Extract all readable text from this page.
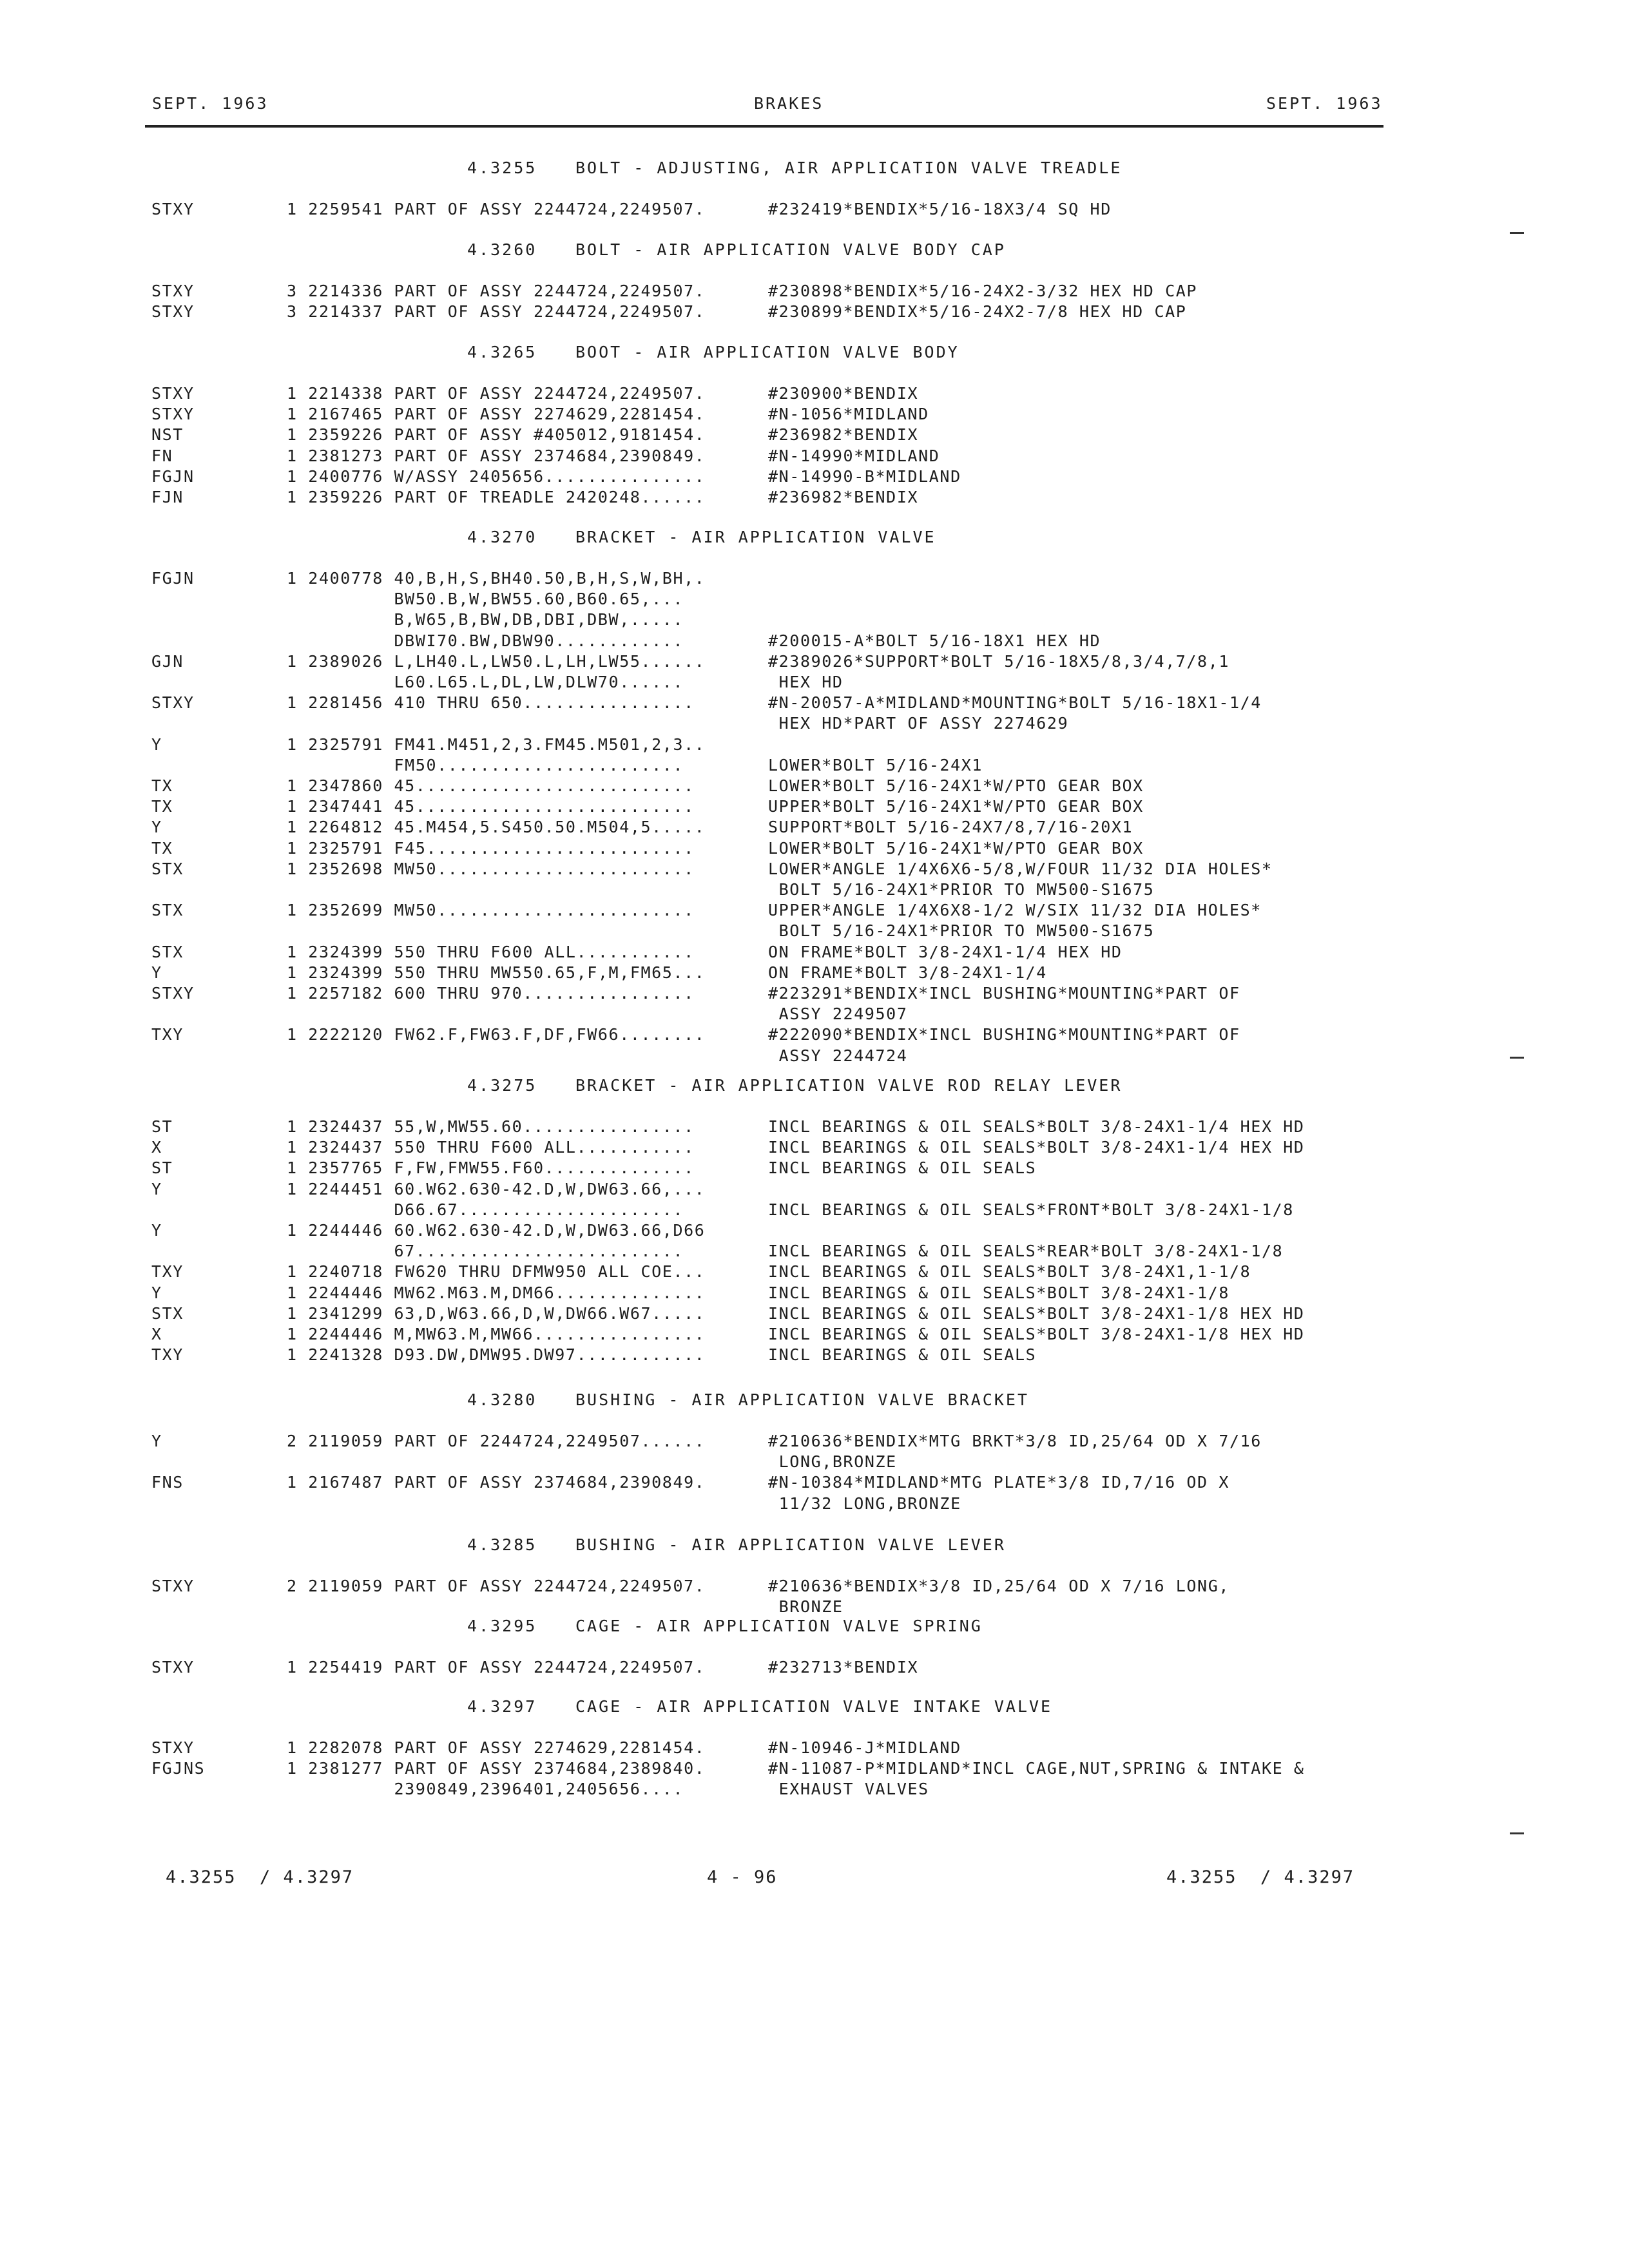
SEPT. 1963	BRAKES	SEPT. 1963
4.3255 BOLT - ADJUSTING, AIR APPLICATION VALVE TREADLE
STXY	1 2259541 PART OF ASSY 2244724,2249507.	#232419*BENDIX*5/16-18X3/4 SQ HD
4.3260 BOLT - AIR APPLICATION VALVE BODY CAP
STXY	3 2214336 PART OF ASSY 2244724,2249507.	#230898*BENDIX*5/16-24X2-3/32 HEX HD CAP
STXY	3 2214337 PART OF ASSY 2244724,2249507.	#230899*BENDIX*5/16-24X2-7/8 HEX HD CAP
4.3265 BOOT - AIR APPLICATION VALVE BODY
STXY	1 2214338 PART OF ASSY 2244724,2249507.	#230900*BENDIX
STXY	1 2167465 PART OF ASSY 2274629,2281454.	#N-1056*MIDLAND
NST	1 2359226 PART OF ASSY #405012,9181454.	#236982*BENDIX
FN	1 2381273 PART OF ASSY 2374684,2390849.	#N-14990*MIDLAND
FGJN	1 2400776 W/ASSY 2405656...............	#N-14990-B*MIDLAND
FJN	1 2359226 PART OF TREADLE 2420248......	#236982*BENDIX
4.3270 BRACKET - AIR APPLICATION VALVE
FGJN	1 2400778 40,B,H,S,BH40.50,B,H,S,W,BH,.
BW50.B,W,BW55.60,B60.65,...
B,W65,B,BW,DB,DBI,DBW,.....
DBWI70.BW,DBW90............	#200015-A*BOLT 5/16-18X1 HEX HD
GJN	1 2389026 L,LH40.L,LW50.L,LH,LW55......	#2389026*SUPPORT*BOLT 5/16-18X5/8,3/4,7/8,1
L60.L65.L,DL,LW,DLW70......	HEX HD
STXY	1 2281456 410 THRU 650................	#N-20057-A*MIDLAND*MOUNTING*BOLT 5/16-18X1-1/4
HEX HD*PART OF ASSY 2274629
Y	1 2325791 FM41.M451,2,3.FM45.M501,2,3..
FM50.......................	LOWER*BOLT 5/16-24X1
TX	1 2347860 45..........................	LOWER*BOLT 5/16-24X1*W/PTO GEAR BOX
TX	1 2347441 45..........................	UPPER*BOLT 5/16-24X1*W/PTO GEAR BOX
Y	1 2264812 45.M454,5.S450.50.M504,5.....	SUPPORT*BOLT 5/16-24X7/8,7/16-20X1
TX	1 2325791 F45.........................	LOWER*BOLT 5/16-24X1*W/PTO GEAR BOX
STX	1 2352698 MW50........................	LOWER*ANGLE 1/4X6X6-5/8,W/FOUR 11/32 DIA HOLES*
BOLT 5/16-24X1*PRIOR TO MW500-S1675
STX	1 2352699 MW50........................	UPPER*ANGLE 1/4X6X8-1/2 W/SIX 11/32 DIA HOLES*
BOLT 5/16-24X1*PRIOR TO MW500-S1675
STX	1 2324399 550 THRU F600 ALL...........	ON FRAME*BOLT 3/8-24X1-1/4 HEX HD
Y	1 2324399 550 THRU MW550.65,F,M,FM65...	ON FRAME*BOLT 3/8-24X1-1/4
STXY	1 2257182 600 THRU 970................	#223291*BENDIX*INCL BUSHING*MOUNTING*PART OF
ASSY 2249507
TXY	1 2222120 FW62.F,FW63.F,DF,FW66........	#222090*BENDIX*INCL BUSHING*MOUNTING*PART OF
ASSY 2244724
4.3275 BRACKET - AIR APPLICATION VALVE ROD RELAY LEVER
ST	1 2324437 55,W,MW55.60................	INCL BEARINGS & OIL SEALS*BOLT 3/8-24X1-1/4 HEX HD
X	1 2324437 550 THRU F600 ALL...........	INCL BEARINGS & OIL SEALS*BOLT 3/8-24X1-1/4 HEX HD
ST	1 2357765 F,FW,FMW55.F60..............	INCL BEARINGS & OIL SEALS
Y	1 2244451 60.W62.630-42.D,W,DW63.66,...
D66.67.....................	INCL BEARINGS & OIL SEALS*FRONT*BOLT 3/8-24X1-1/8
Y	1 2244446 60.W62.630-42.D,W,DW63.66,D66
67.........................	INCL BEARINGS & OIL SEALS*REAR*BOLT 3/8-24X1-1/8
TXY	1 2240718 FW620 THRU DFMW950 ALL COE...	INCL BEARINGS & OIL SEALS*BOLT 3/8-24X1,1-1/8
Y	1 2244446 MW62.M63.M,DM66..............	INCL BEARINGS & OIL SEALS*BOLT 3/8-24X1-1/8
STX	1 2341299 63,D,W63.66,D,W,DW66.W67.....	INCL BEARINGS & OIL SEALS*BOLT 3/8-24X1-1/8 HEX HD
X	1 2244446 M,MW63.M,MW66................	INCL BEARINGS & OIL SEALS*BOLT 3/8-24X1-1/8 HEX HD
TXY	1 2241328 D93.DW,DMW95.DW97............	INCL BEARINGS & OIL SEALS
4.3280 BUSHING - AIR APPLICATION VALVE BRACKET
Y	2 2119059 PART OF 2244724,2249507......	#210636*BENDIX*MTG BRKT*3/8 ID,25/64 OD X 7/16
LONG,BRONZE
FNS	1 2167487 PART OF ASSY 2374684,2390849.	#N-10384*MIDLAND*MTG PLATE*3/8 ID,7/16 OD X
11/32 LONG,BRONZE
4.3285 BUSHING - AIR APPLICATION VALVE LEVER
STXY	2 2119059 PART OF ASSY 2244724,2249507.	#210636*BENDIX*3/8 ID,25/64 OD X 7/16 LONG,
BRONZE
4.3295 CAGE - AIR APPLICATION VALVE SPRING
STXY	1 2254419 PART OF ASSY 2244724,2249507.	#232713*BENDIX
4.3297 CAGE - AIR APPLICATION VALVE INTAKE VALVE
STXY	1 2282078 PART OF ASSY 2274629,2281454.	#N-10946-J*MIDLAND
FGJNS	1 2381277 PART OF ASSY 2374684,2389840.	#N-11087-P*MIDLAND*INCL CAGE,NUT,SPRING & INTAKE &
2390849,2396401,2405656....	EXHAUST VALVES
4.3255  / 4.3297	4 - 96	4.3255  / 4.3297
